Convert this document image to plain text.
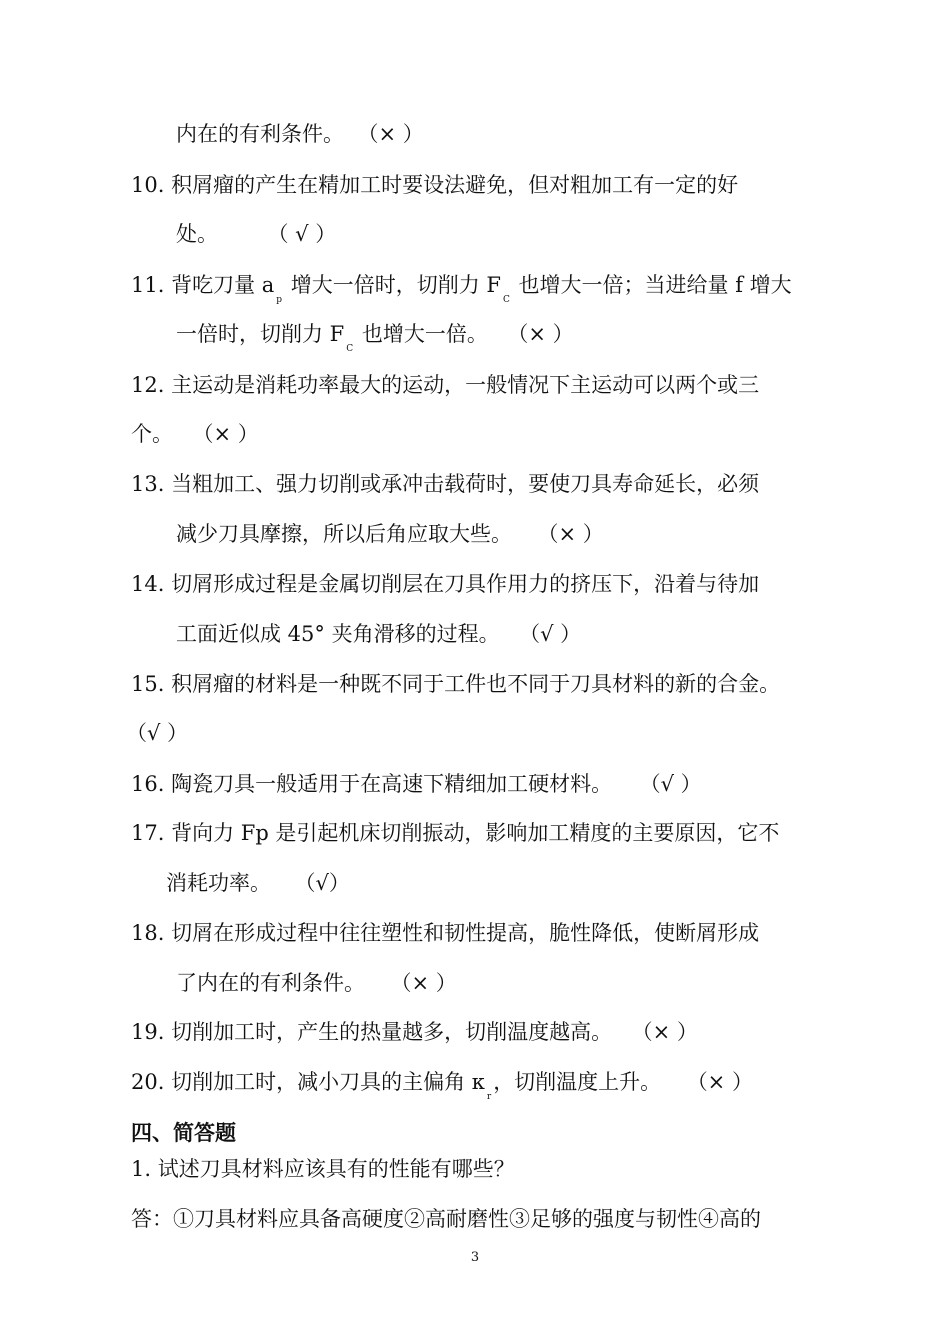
内在的有利条件。 （× ）
10. 积屑瘤的产生在精加工时要设法避免，但对粗加工有一定的好
处。	（ √ ）
11. 背吃刀量 $a_p$ 增大一倍时，切削力 $F_C$ 也增大一倍；当进给量 f 增大
一倍时，切削力 $F_C$ 也增大一倍。 （× ）
12. 主运动是消耗功率最大的运动，一般情况下主运动可以两个或三
个。 （× ）
13. 当粗加工、强力切削或承冲击载荷时，要使刀具寿命延长，必须
减少刀具摩擦，所以后角应取大些。 （× ）
14. 切屑形成过程是金属切削层在刀具作用力的挤压下，沿着与待加
工面近似成 45° 夹角滑移的过程。 （√ ）
15. 积屑瘤的材料是一种既不同于工件也不同于刀具材料的新的合金。
（√ ）
16. 陶瓷刀具一般适用于在高速下精细加工硬材料。 （√ ）
17. 背向力 Fp 是引起机床切削振动，影响加工精度的主要原因，它不
消耗功率。 （√）
18. 切屑在形成过程中往往塑性和韧性提高，脆性降低，使断屑形成
了内在的有利条件。 （× ）
19. 切削加工时，产生的热量越多，切削温度越高。 （× ）
20. 切削加工时，减小刀具的主偏角 $\kappa_r$，切削温度上升。 （× ）
四、简答题
1. 试述刀具材料应该具有的性能有哪些？
答：①刀具材料应具备高硬度②高耐磨性③足够的强度与韧性④高的
3
